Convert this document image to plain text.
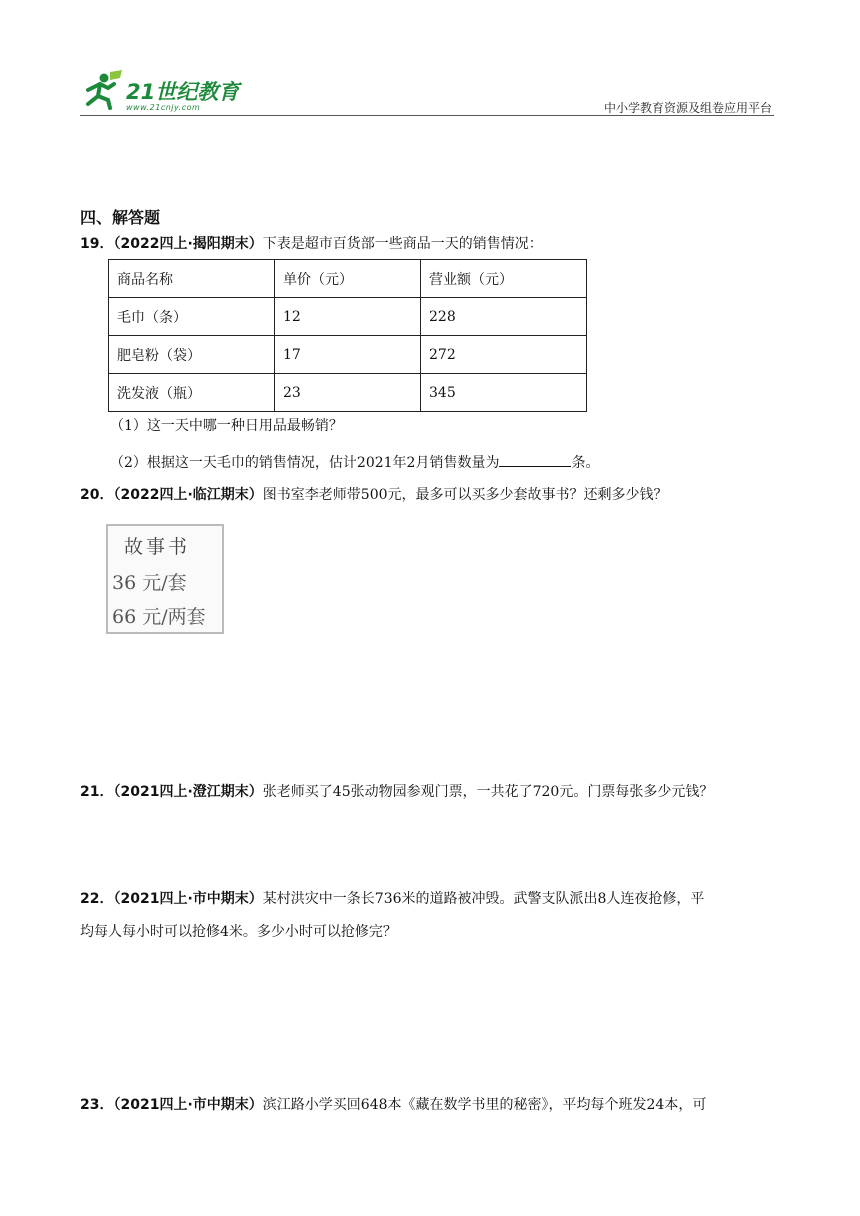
21世纪教育
www.21cnjy.com	中小学教育资源及组卷应用平台
四、解答题
19．（2022四上·揭阳期末）下表是超市百货部一些商品一天的销售情况：
商品名称	单价（元）	营业额（元）
毛巾（条）	12	228
肥皂粉（袋）	17	272
洗发液（瓶）	23	345
（1）这一天中哪一种日用品最畅销？
（2）根据这一天毛巾的销售情况，估计2021年2月销售数量为	条。
20．（2022四上·临江期末）图书室李老师带500元，最多可以买多少套故事书？还剩多少钱？
故事书
36 元/套
66 元/两套
21．（2021四上·澄江期末）张老师买了45张动物园参观门票，一共花了720元。门票每张多少元钱？
22．（2021四上·市中期末）某村洪灾中一条长736米的道路被冲毁。武警支队派出8人连夜抢修，平
均每人每小时可以抢修4米。多少小时可以抢修完？
23．（2021四上·市中期末）滨江路小学买回648本《藏在数学书里的秘密》，平均每个班发24本，可
